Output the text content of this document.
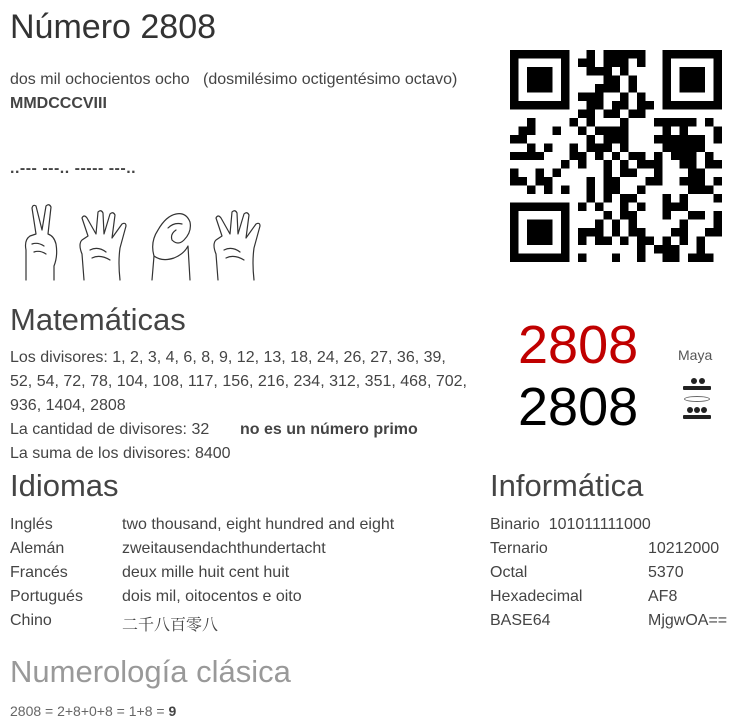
Número 2808
dos mil ochocientos ocho (dosmilésimo octigentésimo octavo)
MMDCCCVIII
..--- ---.. ----- ---..
Matemáticas
Los divisores: 1, 2, 3, 4, 6, 8, 9, 12, 13, 18, 24, 26, 27, 36, 39,
52, 54, 72, 78, 104, 108, 117, 156, 216, 234, 312, 351, 468, 702,
936, 1404, 2808
La cantidad de divisores: 32 no es un número primo
La suma de los divisores: 8400
2808
2808
Maya
Idiomas
Inglés	two thousand, eight hundred and eight
Alemán	zweitausendachthundertacht
Francés	deux mille huit cent huit
Portugués dois mil, oitocentos e oito
Chino	二千八百零八
Informática
Binario 101011111000
Ternario	10212000
Octal	5370
Hexadecimal	AF8
BASE64	MjgwOA==
Numerología clásica
2808 = 2+8+0+8 = 1+8 = 9
